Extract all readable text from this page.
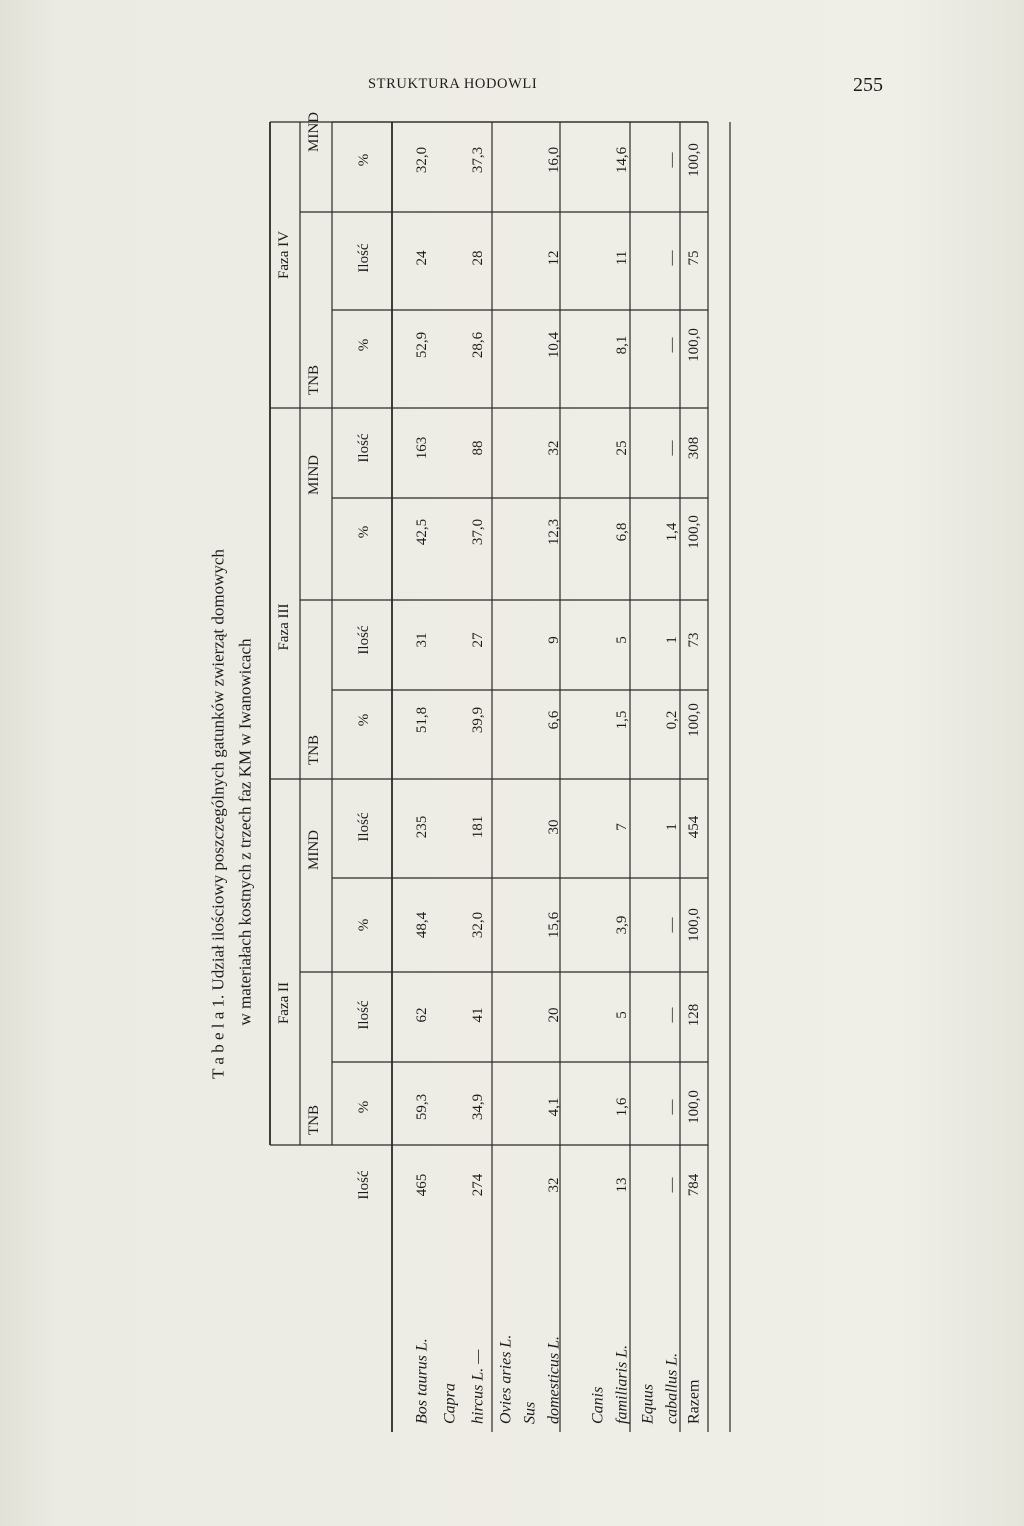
STRUKTURA HODOWLI	255
T a b e l a 1. Udział ilościowy poszczególnych gatunków zwierząt domowych w materiałach kostnych z trzech faz KM w Iwanowicach Faza II
TNB
MIND
Faza III
TNB
MIND
Faza IV
TNB
MIND
Ilość
%
Ilość
%
Ilość
%
Ilość
%
Ilość
%
Ilość
%
Bos taurus L. Capra hircus L. — Ovies aries L. Sus domesticus L. Canis familiaris L. Equus caballus L. Razem
465
59,3
62
48,4
235
51,8
31
42,5
163
52,9
24
32,0
274
34,9
41
32,0
181
39,9
27
37,0
88
28,6
28
37,3
32
4,1
20
15,6
30
6,6
9
12,3
32
10,4
12
16,0
13
1,6
5
3,9
7
1,5
5
6,8
25
8,1
11
14,6
—
—
—
—
1
0,2
1
1,4
—
—
—
—
784
100,0
128
100,0
454
100,0
73
100,0
308
100,0
75
100,0
